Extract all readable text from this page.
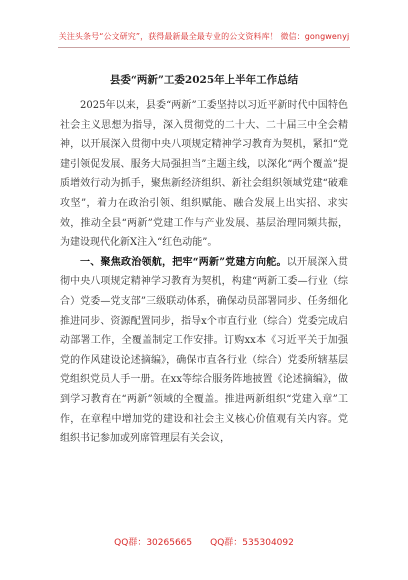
关注头条号“公文研究”，获得最新最全最专业的公文资料库！ 微信：gongwenyj
县委“两新”工委2025年上半年工作总结

2025年以来，县委“两新”工委坚持以习近平新时代中国特色社会主义思想为指导，深入贯彻党的二十大、二十届三中全会精神，以开展深入贯彻中央八项规定精神学习教育为契机，紧扣“党建引领促发展、服务大局强担当”主题主线，以深化“两个覆盖”提质增效行动为抓手，聚焦新经济组织、新社会组织领域党建“破难攻坚”，着力在政治引领、组织赋能、融合发展上出实招、求实效，推动全县“两新”党建工作与产业发展、基层治理同频共振，为建设现代化新X注入“红色动能”。

一、聚焦政治领航，把牢“两新”党建方向舵。以开展深入贯彻中央八项规定精神学习教育为契机，构建“两新工委—行业（综合）党委—党支部”三级联动体系，确保动员部署同步、任务细化推进同步、资源配置同步，指导x个市直行业（综合）党委完成启动部署工作，全覆盖制定工作安排。订购xx本《习近平关于加强党的作风建设论述摘编》，确保市直各行业（综合）党委所辖基层党组织党员人手一册。在xx等综合服务阵地披置《论述摘编》，做到学习教育在“两新”领域的全覆盖。推进两新组织“党建入章”工作，在章程中增加党的建设和社会主义核心价值观有关内容。党组织书记参加或列席管理层有关会议，

QQ群：30265665 QQ群：535304092
